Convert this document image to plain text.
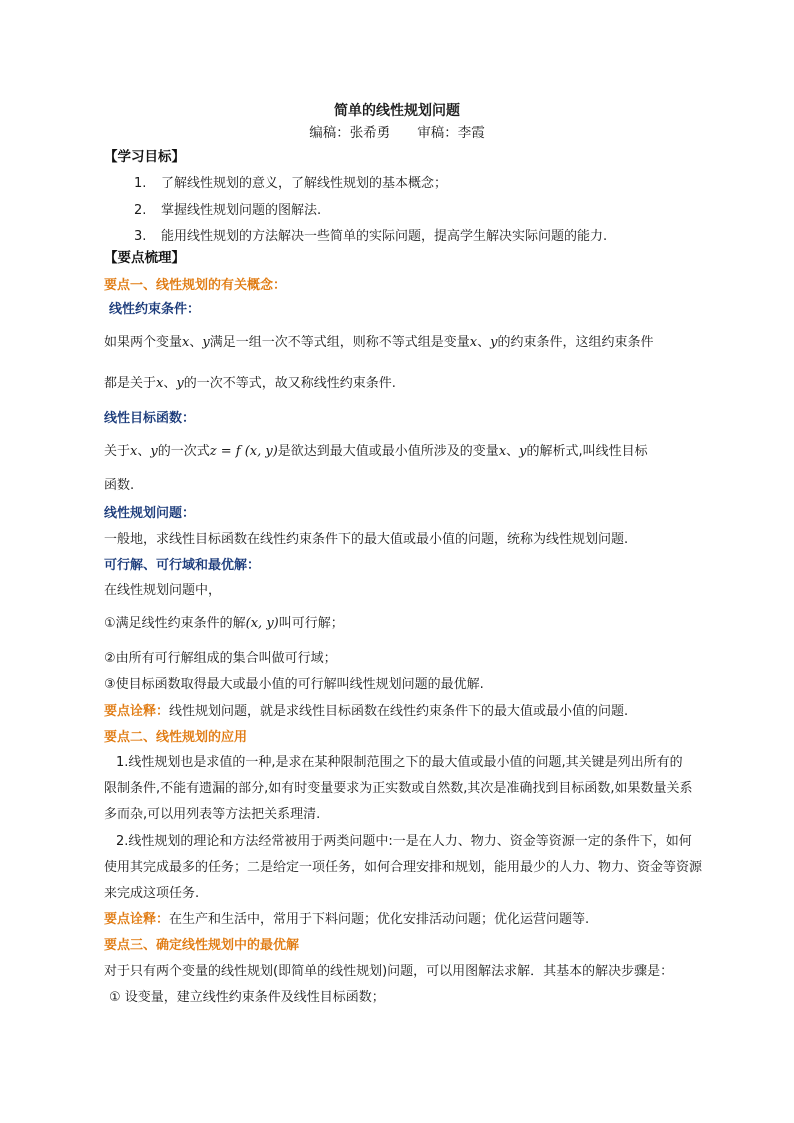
简单的线性规划问题
编稿：张希勇　　审稿：李霞
【学习目标】
1. 了解线性规划的意义，了解线性规划的基本概念；
2. 掌握线性规划问题的图解法.
3. 能用线性规划的方法解决一些简单的实际问题，提高学生解决实际问题的能力.
【要点梳理】
要点一、线性规划的有关概念：
线性约束条件：
如果两个变量x、y满足一组一次不等式组，则称不等式组是变量x、y的约束条件，这组约束条件
都是关于x、y的一次不等式，故又称线性约束条件.
线性目标函数：
关于x、y的一次式z = f (x, y)是欲达到最大值或最小值所涉及的变量x、y的解析式,叫线性目标
函数.
线性规划问题：
一般地，求线性目标函数在线性约束条件下的最大值或最小值的问题，统称为线性规划问题.
可行解、可行域和最优解：
在线性规划问题中，
①满足线性约束条件的解(x, y)叫可行解；
②由所有可行解组成的集合叫做可行域；
③使目标函数取得最大或最小值的可行解叫线性规划问题的最优解.
要点诠释：线性规划问题，就是求线性目标函数在线性约束条件下的最大值或最小值的问题.
要点二、线性规划的应用
1.线性规划也是求值的一种,是求在某种限制范围之下的最大值或最小值的问题,其关键是列出所有的
限制条件,不能有遗漏的部分,如有时变量要求为正实数或自然数,其次是准确找到目标函数,如果数量关系
多而杂,可以用列表等方法把关系理清.
2.线性规划的理论和方法经常被用于两类问题中:一是在人力、物力、资金等资源一定的条件下，如何
使用其完成最多的任务；二是给定一项任务，如何合理安排和规划，能用最少的人力、物力、资金等资源
来完成这项任务.
要点诠释：在生产和生活中，常用于下料问题；优化安排活动问题；优化运营问题等.
要点三、确定线性规划中的最优解
对于只有两个变量的线性规划(即简单的线性规划)问题，可以用图解法求解．其基本的解决步骤是：
① 设变量，建立线性约束条件及线性目标函数；
